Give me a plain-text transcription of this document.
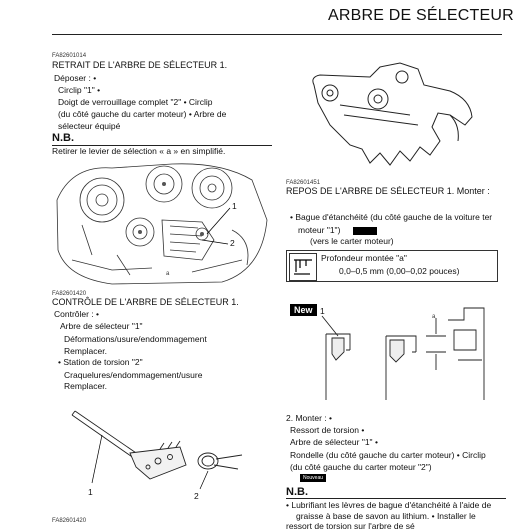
ARBRE DE SÉLECTEUR
FA82601014
RETRAIT DE L'ARBRE DE SÉLECTEUR 1.
Déposer : •
Circlip "1" •
Doigt de verrouillage complet "2" • Circlip
(du côté gauche du carter moteur) • Arbre de
sélecteur équipé
N.B.
Retirer le levier de sélection « a » en simplifié.
1
2
a
FA82601420
CONTRÔLE DE L'ARBRE DE SÉLECTEUR 1.
Contrôler : •
Arbre de sélecteur "1"
Déformations/usure/endommagement
Remplacer.
• Station de torsion "2"
Craquelures/endommagement/usure
Remplacer.
1	2
FA82601420
FA82601451
REPOS DE L'ARBRE DE SÉLECTEUR 1. Monter :
• Bague d'étanchéité (du côté gauche de la voiture ter
moteur "1")
(vers le carter moteur)
Profondeur montée "a"
0,0–0,5 mm (0,00–0,02 pouces)
New 1
a
2. Monter : •
Ressort de torsion •
Arbre de sélecteur "1" •
Rondelle (du côté gauche du carter moteur) • Circlip
(du côté gauche du carter moteur "2")
Nouveau
N.B.
• Lubrifiant les lèvres de bague d'étanchéité à l'aide de
graisse à base de savon au lithium. • Installer le
ressort de torsion sur l'arbre de sé
